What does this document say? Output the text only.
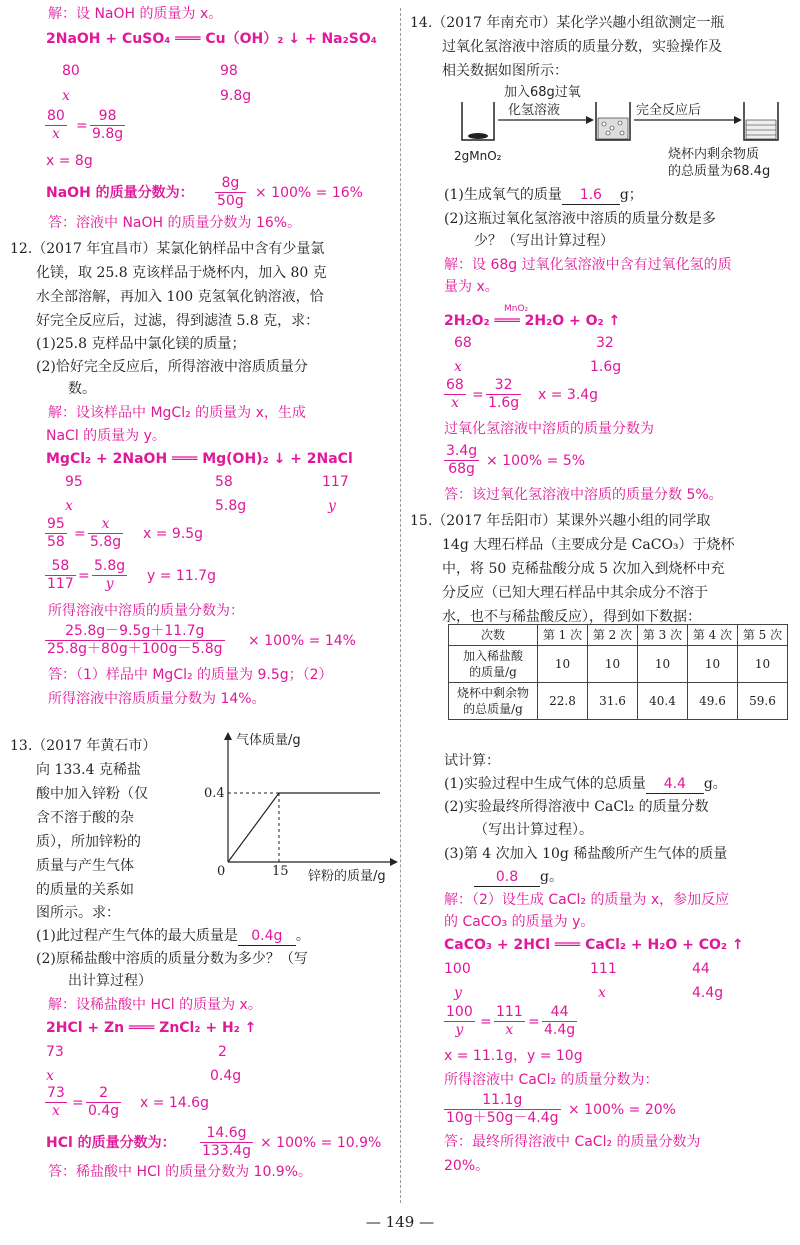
解：设 NaOH 的质量为 x。
2NaOH + CuSO₄ ═══ Cu（OH）₂ ↓ + Na₂SO₄
80	98
x	9.8g
$\frac{80}{x} = \frac{98}{9.8g}$
x = 8g
NaOH 的质量分数为： $\frac{8g}{50g} \times 100\% = 16\%$
答：溶液中 NaOH 的质量分数为 16%。
12.（2017 年宜昌市）某氯化钠样品中含有少量氯
化镁，取 25.8 克该样品于烧杯内，加入 80 克
水全部溶解，再加入 100 克氢氧化钠溶液，恰
好完全反应后，过滤，得到滤渣 5.8 克，求：
(1)25.8 克样品中氯化镁的质量；
(2)恰好完全反应后，所得溶液中溶质质量分
数。
解：设该样品中 MgCl₂ 的质量为 x，生成
NaCl 的质量为 y。
MgCl₂ + 2NaOH ═══ Mg(OH)₂ ↓ + 2NaCl
95	58	117
x	5.8g	y
$\frac{95}{58} = \frac{x}{5.8g}$ x = 9.5g
$\frac{58}{117} = \frac{5.8g}{y}$ y = 11.7g
所得溶液中溶质的质量分数为：
$\frac{25.8g-9.5g+11.7g}{25.8g+80g+100g-5.8g} \times 100\% = 14\%$
答：（1）样品中 MgCl₂ 的质量为 9.5g；（2）
所得溶液中溶质质量分数为 14%。
13.（2017 年黄石市）
向 133.4 克稀盐
酸中加入锌粉（仅
含不溶于酸的杂
质），所加锌粉的
质量与产生气体
的质量的关系如
图所示。求：
气体质量/g
0.4
0	15 锌粉的质量/g
(1)此过程产生气体的最大质量是 0.4g 。
(2)原稀盐酸中溶质的质量分数为多少？（写
出计算过程）
解：设稀盐酸中 HCl 的质量为 x。
2HCl + Zn ═══ ZnCl₂ + H₂ ↑
73	2
x	0.4g
$\frac{73}{x} = \frac{2}{0.4g}$ x = 14.6g
HCl 的质量分数为： $\frac{14.6g}{133.4g} \times 100\% = 10.9\%$
答：稀盐酸中 HCl 的质量分数为 10.9%。
14.（2017 年南充市）某化学兴趣小组欲测定一瓶
过氧化氢溶液中溶质的质量分数，实验操作及
相关数据如图所示：
加入68g过氧
化氢溶液
2gMnO₂
完全反应后
烧杯内剩余物质
的总质量为68.4g
(1)生成氧气的质量 1.6 g；
(2)这瓶过氧化氢溶液中溶质的质量分数是多
少？（写出计算过程）
解：设 68g 过氧化氢溶液中含有过氧化氢的质
量为 x。
MnO₂
2H₂O₂ ═══ 2H₂O + O₂ ↑
68	32
x	1.6g
$\frac{68}{x} = \frac{32}{1.6g}$ x = 3.4g
过氧化氢溶液中溶质的质量分数为
$\frac{3.4g}{68g} \times 100\% = 5\%$
答：该过氧化氢溶液中溶质的质量分数 5%。
15.（2017 年岳阳市）某课外兴趣小组的同学取
14g 大理石样品（主要成分是 CaCO₃）于烧杯
中，将 50 克稀盐酸分成 5 次加入到烧杯中充
分反应（已知大理石样品中其余成分不溶于
水，也不与稀盐酸反应），得到如下数据：
次数	第 1 次	第 2 次	第 3 次	第 4 次	第 5 次
加入稀盐酸
的质量/g	10	10	10	10	10
烧杯中剩余物
的总质量/g	22.8	31.6	40.4	49.6	59.6
试计算：
(1)实验过程中生成气体的总质量 4.4 g。
(2)实验最终所得溶液中 CaCl₂ 的质量分数
（写出计算过程）。
(3)第 4 次加入 10g 稀盐酸所产生气体的质量
0.8 g。
解：（2）设生成 CaCl₂ 的质量为 x，参加反应
的 CaCO₃ 的质量为 y。
CaCO₃ + 2HCl ═══ CaCl₂ + H₂O + CO₂ ↑
100	111	44
y	x	4.4g
$\frac{100}{y} = \frac{111}{x} = \frac{44}{4.4g}$
x = 11.1g，y = 10g
所得溶液中 CaCl₂ 的质量分数为：
$\frac{11.1g}{10g+50g-4.4g} \times 100\% = 20\%$
答：最终所得溶液中 CaCl₂ 的质量分数为
20%。
— 149 —
